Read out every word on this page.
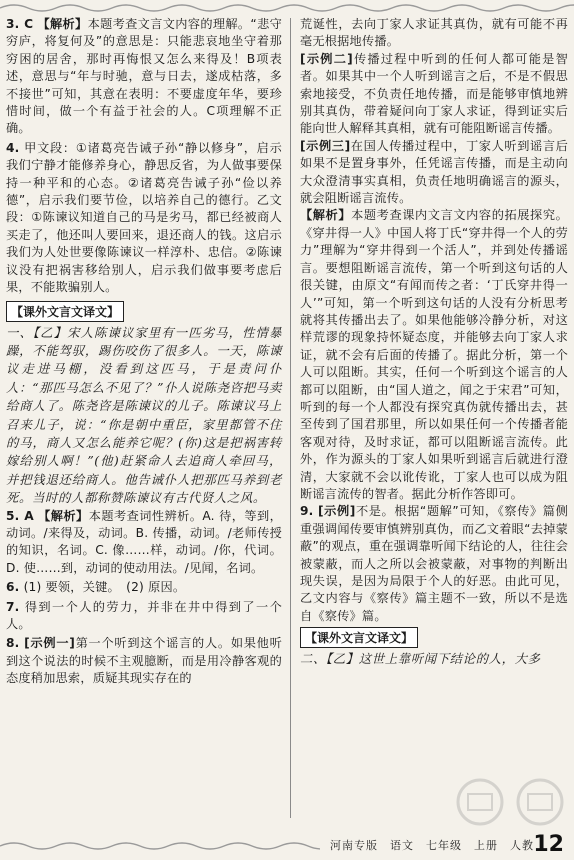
3. C 【解析】本题考查文言文内容的理解。“悲守穷庐，将复何及”的意思是：只能悲哀地坐守着那穷困的居舍，那时再悔恨又怎么来得及！B项表述，意思与“年与时驰，意与日去，遂成枯落，多不接世”可知，其意在表明：不要虚度年华，要珍惜时间，做一个有益于社会的人。C项理解不正确。

4. 甲文段：①诸葛亮告诫子孙“静以修身”，启示我们宁静才能修养身心，静思反省，为人做事要保持一种平和的心态。②诸葛亮告诫子孙“俭以养德”，启示我们要节俭，以培养自己的德行。乙文段：①陈谏议知道自己的马是劣马，都已经被商人买走了，他还叫人要回来，退还商人的钱。这启示我们为人处世要像陈谏议一样淳朴、忠信。②陈谏议没有把祸害移给别人，启示我们做事要考虑后果，不能欺骗别人。

【课外文言文译文】

一、【乙】宋人陈谏议家里有一匹劣马，性情暴躁，不能驾驭，踢伤咬伤了很多人。一天，陈谏议走进马棚，没看到这匹马，于是责问仆人：“那匹马怎么不见了？”仆人说陈尧咨把马卖给商人了。陈尧咨是陈谏议的儿子。陈谏议马上召来儿子，说：“你是朝中重臣，家里都管不住的马，商人又怎么能养它呢？(你)这是把祸害转嫁给别人啊！”(他)赶紧命人去追商人牵回马，并把钱退还给商人。他告诫仆人把那匹马养到老死。当时的人都称赞陈谏议有古代贤人之风。

5. A 【解析】本题考查词性辨析。A. 待，等到，动词。/来得及，动词。B. 传播，动词。/老师传授的知识，名词。C. 像……样，动词。/你，代词。D. 使……到，动词的使动用法。/见闻，名词。

6. (1) 要领，关键。　(2) 原因。

7. 得到一个人的劳力，并非在井中得到了一个人。

8. [示例一]第一个听到这个谣言的人。如果他听到这个说法的时候不主观臆断，而是用冷静客观的态度稍加思索，质疑其现实存在的

荒诞性，去向丁家人求证其真伪，就有可能不再毫无根据地传播。

[示例二]传播过程中听到的任何人都可能是智者。如果其中一个人听到谣言之后，不是不假思索地接受，不负责任地传播，而是能够审慎地辨别其真伪，带着疑问向丁家人求证，得到证实后能向世人解释其真相，就有可能阻断谣言传播。

[示例三]在国人传播过程中，丁家人听到谣言后如果不是置身事外，任凭谣言传播，而是主动向大众澄清事实真相，负责任地明确谣言的源头，就会阻断谣言流传。

【解析】本题考查课内文言文内容的拓展探究。《穿井得一人》中国人将丁氏“穿井得一个人的劳力”理解为“穿井得到一个活人”，并到处传播谣言。要想阻断谣言流传，第一个听到这句话的人很关键，由原文“有闻而传之者：‘丁氏穿井得一人’”可知，第一个听到这句话的人没有分析思考就将其传播出去了。如果他能够冷静分析，对这样荒谬的现象持怀疑态度，并能够去向丁家人求证，就不会有后面的传播了。据此分析，第一个人可以阻断。其实，任何一个听到这个谣言的人都可以阻断，由“国人道之，闻之于宋君”可知，听到的每一个人都没有探究真伪就传播出去，甚至传到了国君那里，所以如果任何一个传播者能客观对待，及时求证，都可以阻断谣言流传。此外，作为源头的丁家人如果听到谣言后就进行澄清，大家就不会以讹传讹，丁家人也可以成为阻断谣言流传的智者。据此分析作答即可。

9. [示例]不是。根据“题解”可知，《察传》篇侧重强调闻传要审慎辨别真伪，而乙文着眼“去掉蒙蔽”的观点，重在强调靠听闻下结论的人，往往会被蒙蔽，而人之所以会被蒙蔽，对事物的判断出现失误，是因为局限于个人的好恶。由此可见，乙文内容与《察传》篇主题不一致，所以不是选自《察传》篇。

【课外文言文译文】

二、【乙】这世上靠听闻下结论的人，大多

河南专版　语文　七年级　上册　人教 12
